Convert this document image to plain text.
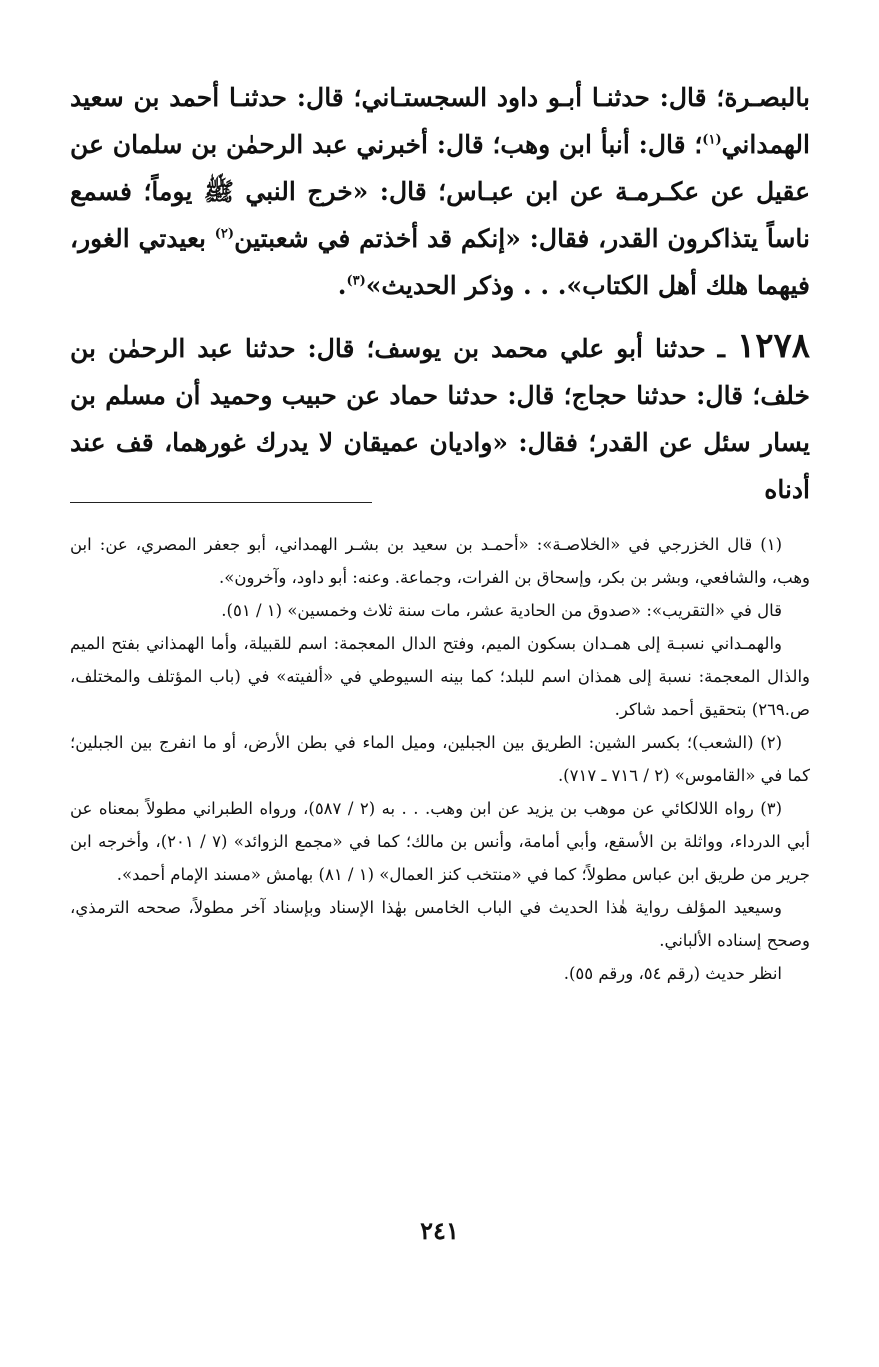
بالبصـرة؛ قال: حدثنـا أبـو داود السجستـاني؛ قال: حدثنـا أحمد بن سعيد الهمداني$^{(١)}$؛ قال: أنبأ ابن وهب؛ قال: أخبرني عبد الرحمٰن بن سلمان عن عقيل عن عكـرمـة عن ابن عبـاس؛ قال: «خرج النبي ﷺ يوماً؛ فسمع ناساً يتذاكرون القدر، فقال: «إنكم قد أخذتم في شعبتين$^{(٢)}$ بعيدتي الغور، فيهما هلك أهل الكتاب». . . وذكر الحديث»$^{(٣)}$.

١٢٧٨ ـ حدثنا أبو علي محمد بن يوسف؛ قال: حدثنا عبد الرحمٰن بن خلف؛ قال: حدثنا حجاج؛ قال: حدثنا حماد عن حبيب وحميد أن مسلم بن يسار سئل عن القدر؛ فقال: «واديان عميقان لا يدرك غورهما، قف عند أدناه

(١) قال الخزرجي في «الخلاصـة»: «أحمـد بن سعيد بن بشـر الهمداني، أبو جعفر المصري، عن: ابن وهب، والشافعي، وبشر بن بكر، وإسحاق بن الفرات، وجماعة. وعنه: أبو داود، وآخرون».

قال في «التقريب»: «صدوق من الحادية عشر، مات سنة ثلاث وخمسين» (١ / ٥١).

والهمـداني نسبـة إلى همـدان بسكون الميم، وفتح الدال المعجمة: اسم للقبيلة، وأما الهمذاني بفتح الميم والذال المعجمة: نسبة إلى همذان اسم للبلد؛ كما بينه السيوطي في «ألفيته» في (باب المؤتلف والمختلف، ص.٢٦٩) بتحقيق أحمد شاكر.

(٢) (الشعب)؛ بكسر الشين: الطريق بين الجبلين، وميل الماء في بطن الأرض، أو ما انفرج بين الجبلين؛ كما في «القاموس» (٢ / ٧١٦ ـ ٧١٧).

(٣) رواه اللالكائي عن موهب بن يزيد عن ابن وهب. . . به (٢ / ٥٨٧)، ورواه الطبراني مطولاً بمعناه عن أبي الدرداء، وواثلة بن الأسقع، وأبي أمامة، وأنس بن مالك؛ كما في «مجمع الزوائد» (٧ / ٢٠١)، وأخرجه ابن جرير من طريق ابن عباس مطولاً؛ كما في «منتخب كنز العمال» (١ / ٨١) بهامش «مسند الإمام أحمد».

وسيعيد المؤلف رواية هٰذا الحديث في الباب الخامس بهٰذا الإسناد وبإسناد آخر مطولاً، صححه الترمذي، وصحح إسناده الألباني.

انظر حديث (رقم ٥٤، ورقم ٥٥).

٢٤١
